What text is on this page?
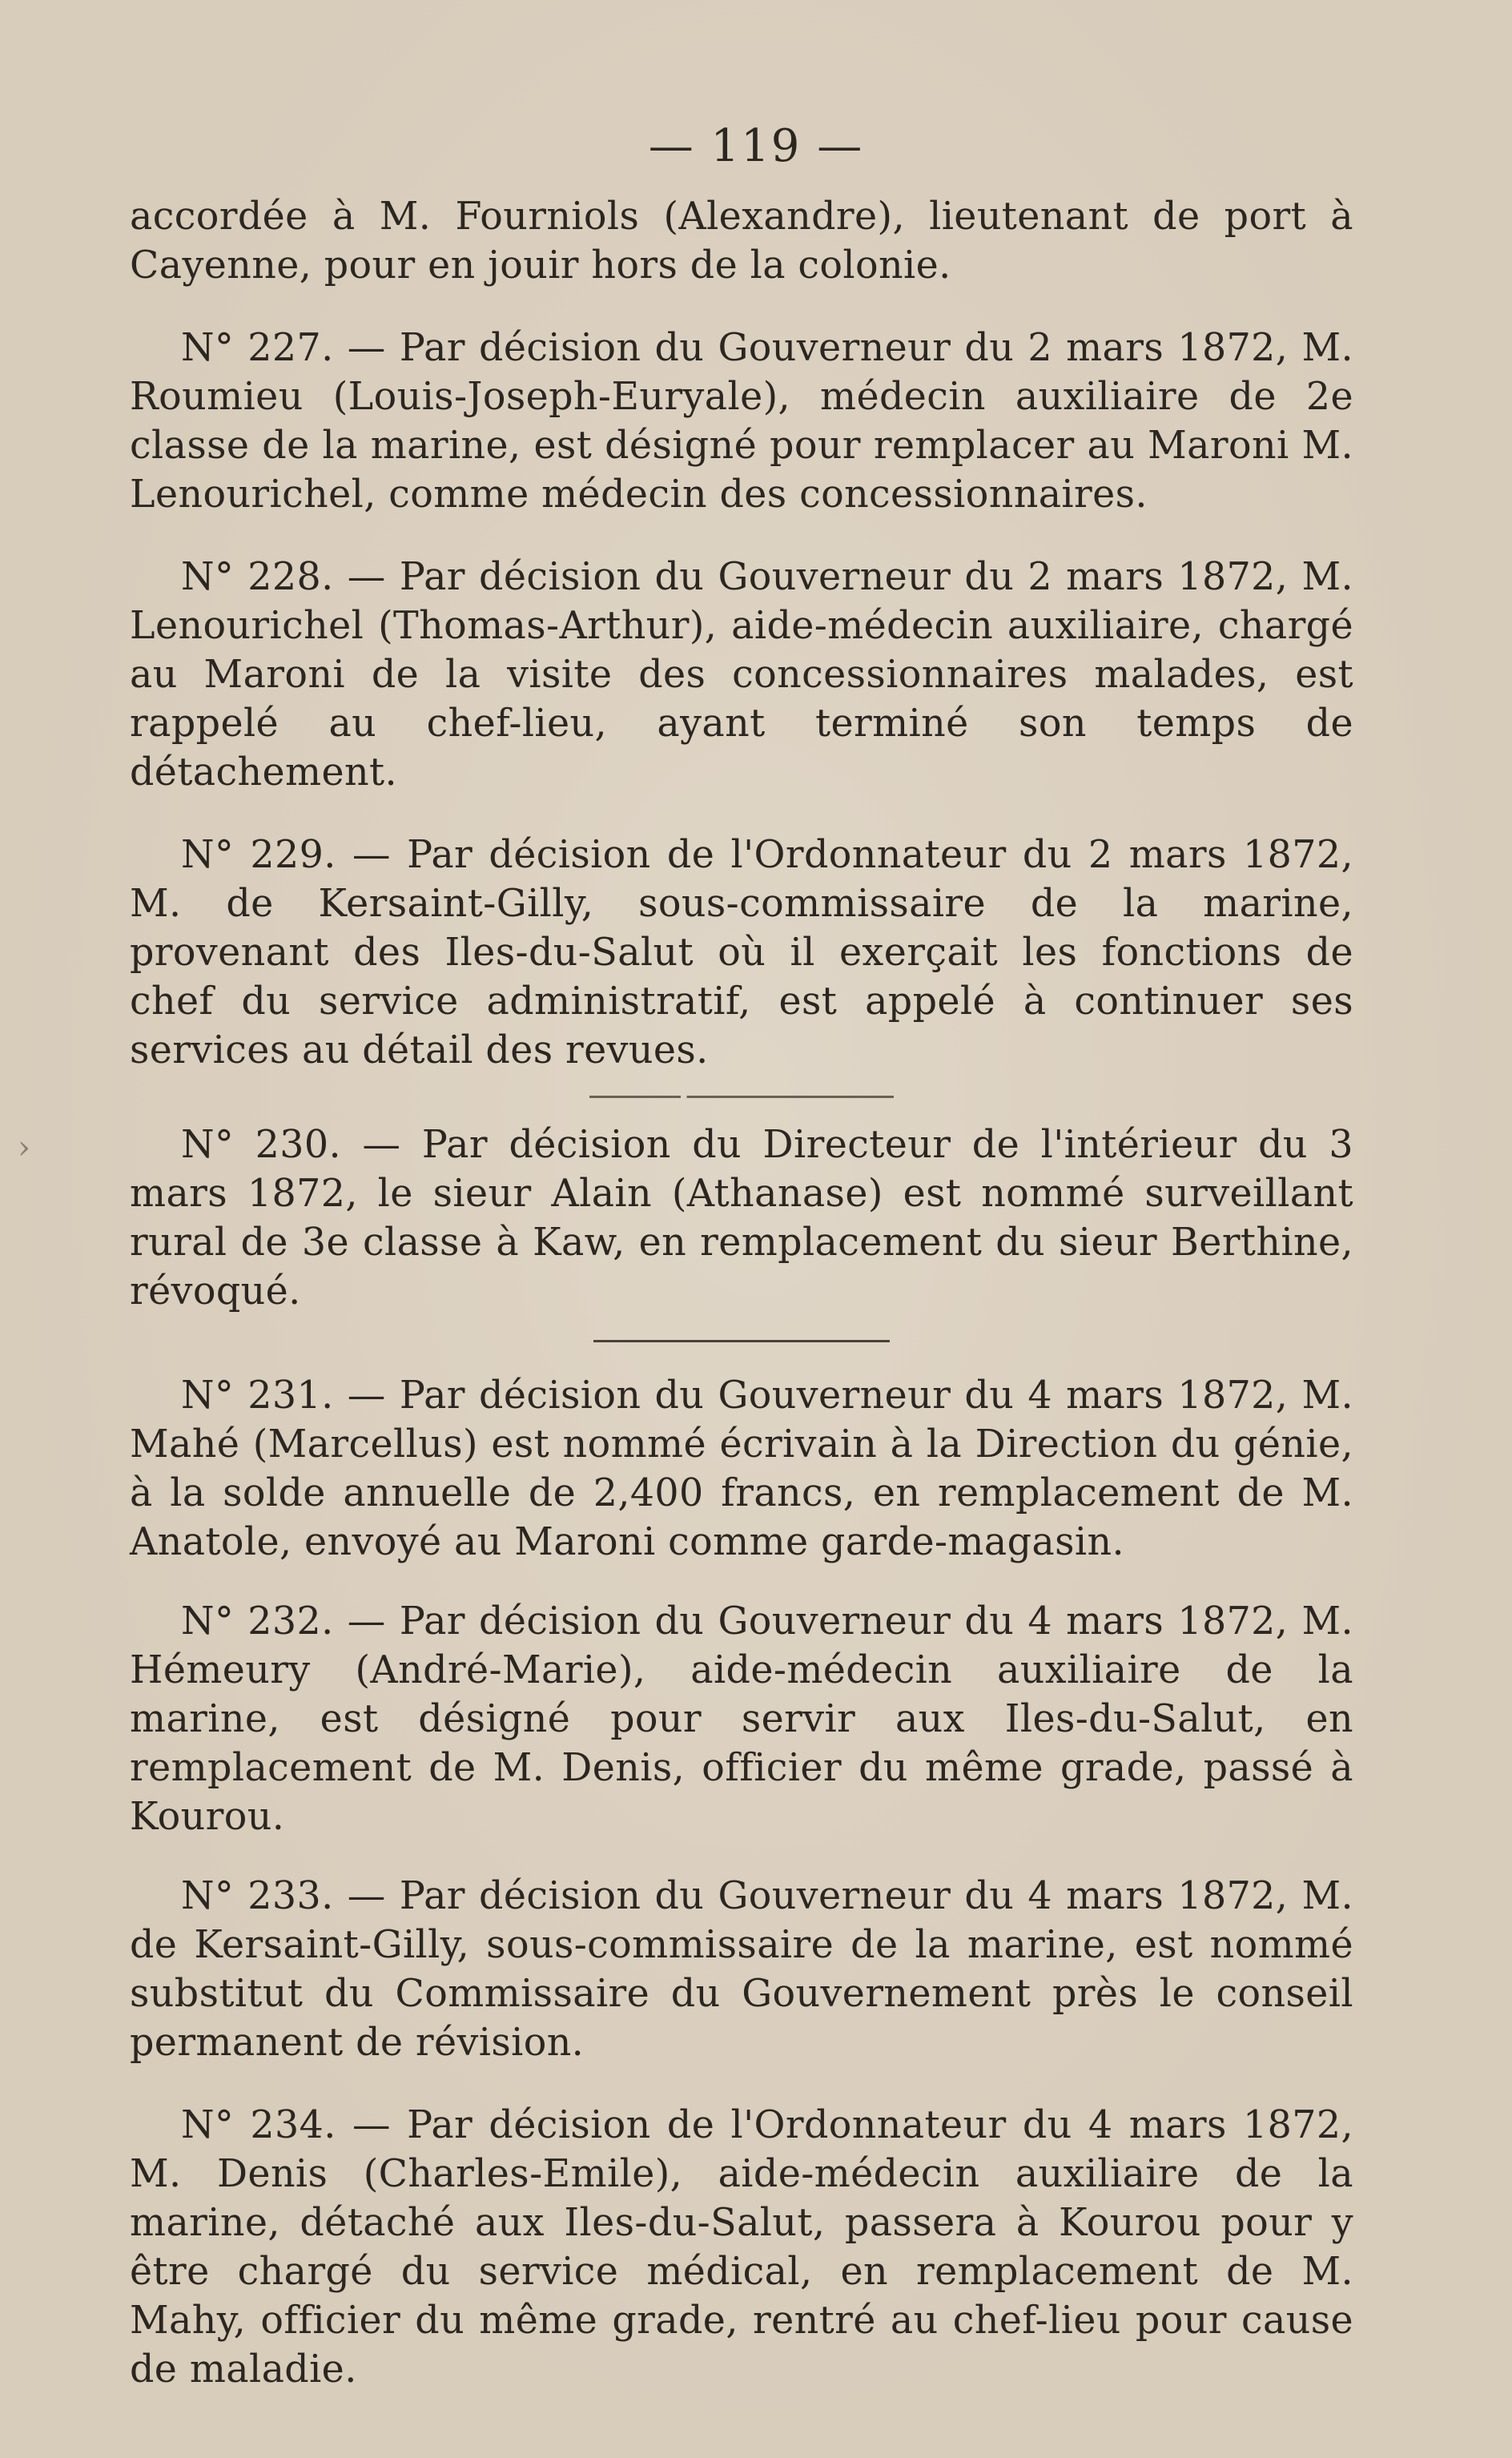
— 119 —

accordée à M. Fourniols (Alexandre), lieutenant de port à Cayenne, pour en jouir hors de la colonie.

N° 227. — Par décision du Gouverneur du 2 mars 1872, M. Roumieu (Louis-Joseph-Euryale), médecin auxiliaire de 2e classe de la marine, est désigné pour remplacer au Maroni M. Lenourichel, comme médecin des concessionnaires.

N° 228. — Par décision du Gouverneur du 2 mars 1872, M. Lenourichel (Thomas-Arthur), aide-médecin auxiliaire, chargé au Maroni de la visite des concessionnaires malades, est rappelé au chef-lieu, ayant terminé son temps de détachement.

N° 229. — Par décision de l'Ordonnateur du 2 mars 1872, M. de Kersaint-Gilly, sous-commissaire de la marine, provenant des Iles-du-Salut où il exerçait les fonctions de chef du service administratif, est appelé à continuer ses services au détail des revues.

N° 230. — Par décision du Directeur de l'intérieur du 3 mars 1872, le sieur Alain (Athanase) est nommé surveillant rural de 3e classe à Kaw, en remplacement du sieur Berthine, révoqué.

N° 231. — Par décision du Gouverneur du 4 mars 1872, M. Mahé (Marcellus) est nommé écrivain à la Direction du génie, à la solde annuelle de 2,400 francs, en remplacement de M. Anatole, envoyé au Maroni comme garde-magasin.

N° 232. — Par décision du Gouverneur du 4 mars 1872, M. Hémeury (André-Marie), aide-médecin auxiliaire de la marine, est désigné pour servir aux Iles-du-Salut, en remplacement de M. Denis, officier du même grade, passé à Kourou.

N° 233. — Par décision du Gouverneur du 4 mars 1872, M. de Kersaint-Gilly, sous-commissaire de la marine, est nommé substitut du Commissaire du Gouvernement près le conseil permanent de révision.

N° 234. — Par décision de l'Ordonnateur du 4 mars 1872, M. Denis (Charles-Emile), aide-médecin auxiliaire de la marine, détaché aux Iles-du-Salut, passera à Kourou pour y être chargé du service médical, en remplacement de M. Mahy, officier du même grade, rentré au chef-lieu pour cause de maladie.

›
